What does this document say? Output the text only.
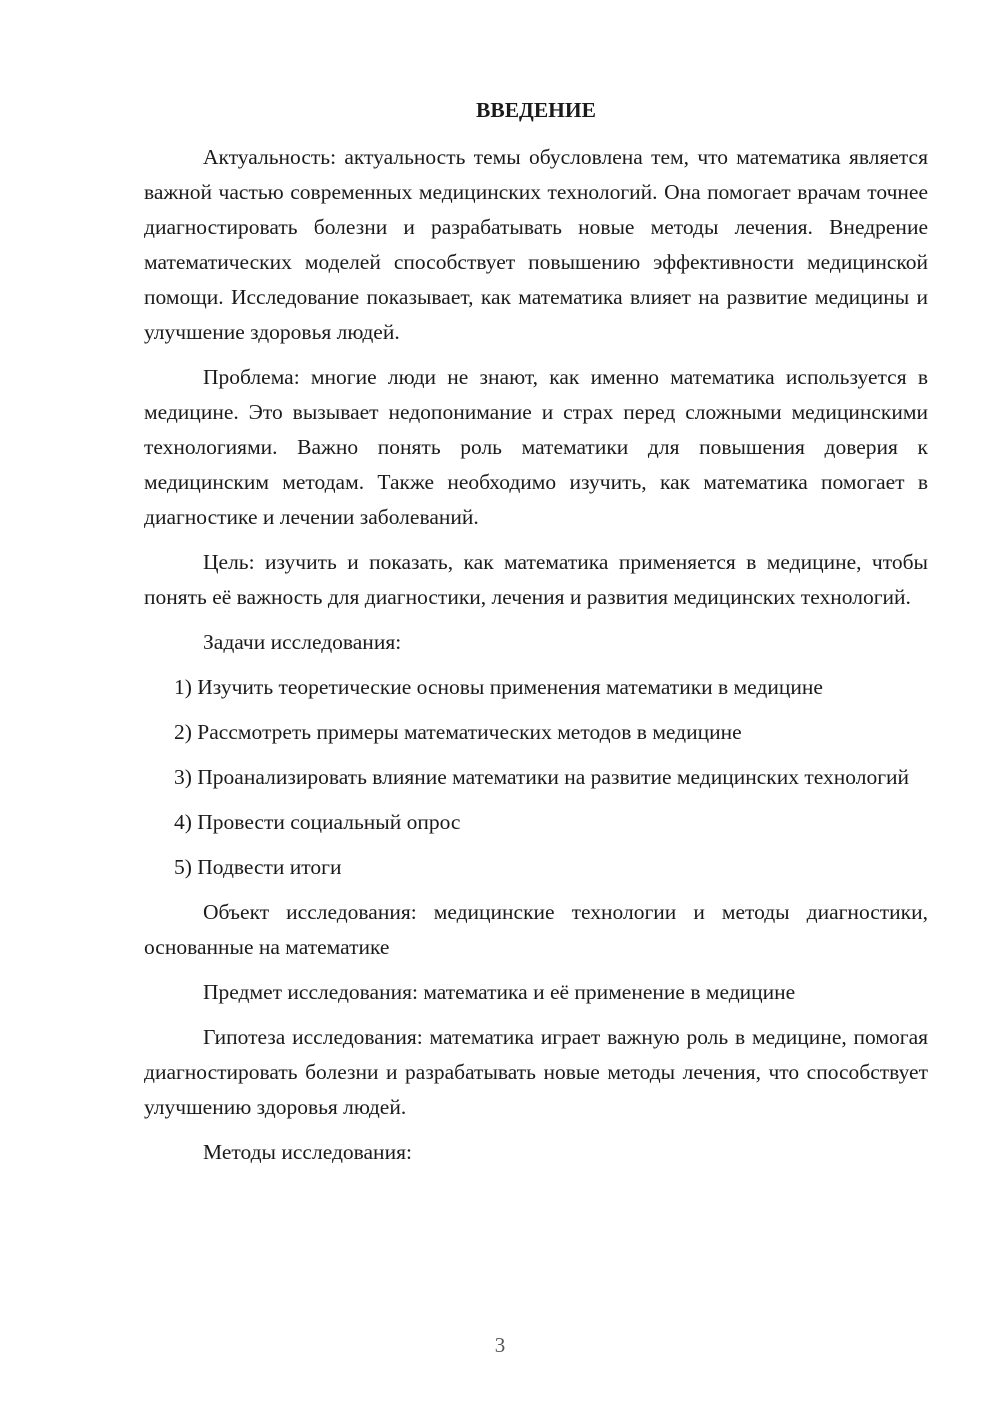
ВВЕДЕНИЕ

Актуальность: актуальность темы обусловлена тем, что математика является важной частью современных медицинских технологий. Она помогает врачам точнее диагностировать болезни и разрабатывать новые методы лечения. Внедрение математических моделей способствует повышению эффективности медицинской помощи. Исследование показывает, как математика влияет на развитие медицины и улучшение здоровья людей.

Проблема: многие люди не знают, как именно математика используется в медицине. Это вызывает недопонимание и страх перед сложными медицинскими технологиями. Важно понять роль математики для повышения доверия к медицинским методам. Также необходимо изучить, как математика помогает в диагностике и лечении заболеваний.

Цель: изучить и показать, как математика применяется в медицине, чтобы понять её важность для диагностики, лечения и развития медицинских технологий.

Задачи исследования:

1) Изучить теоретические основы применения математики в медицине

2) Рассмотреть примеры математических методов в медицине

3) Проанализировать влияние математики на развитие медицинских технологий

4) Провести социальный опрос

5) Подвести итоги

Объект исследования: медицинские технологии и методы диагностики, основанные на математике

Предмет исследования: математика и её применение в медицине

Гипотеза исследования: математика играет важную роль в медицине, помогая диагностировать болезни и разрабатывать новые методы лечения, что способствует улучшению здоровья людей.

Методы исследования:

3
